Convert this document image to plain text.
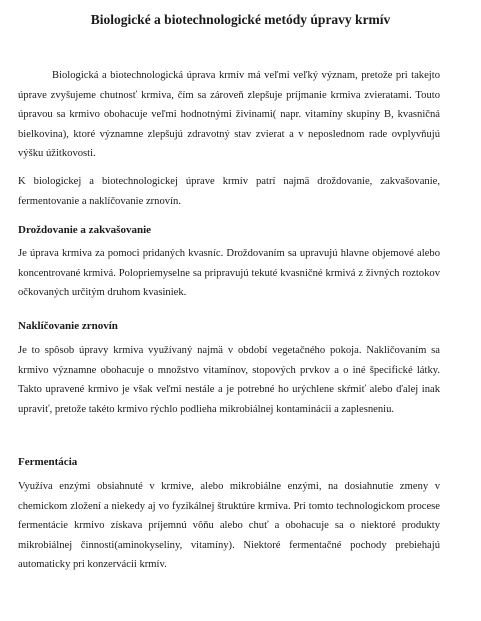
Biologické a biotechnologické metódy úpravy krmív
Biologická a biotechnologická úprava krmív má veľmi veľký význam, pretože pri takejto úprave zvyšujeme chutnosť krmiva, čím sa zároveň zlepšuje príjmanie krmiva zvieratami. Touto úpravou sa krmivo obohacuje veľmi hodnotnými živinami( napr. vitamíny skupiny B, kvasničná bielkovina), ktoré významne zlepšujú zdravotný stav zvierat a v neposlednom rade ovplyvňujú výšku úžitkovosti.
K biologickej a biotechnologickej úprave krmív patrí najmä droždovanie, zakvašovanie, fermentovanie a naklíčovanie zrnovín.
Droždovanie a zakvašovanie
Je úprava krmiva za pomoci pridaných kvasníc. Droždovaním sa upravujú hlavne objemové alebo koncentrované krmivá. Polopriemyselne sa pripravujú tekuté kvasničné krmivá z živných roztokov očkovaných určitým druhom kvasiniek.
Naklíčovanie zrnovín
Je to spôsob úpravy krmiva využívaný najmä v období vegetačného pokoja. Naklíčovaním sa krmivo významne obohacuje o množstvo vitamínov, stopových prvkov a o iné špecifické látky. Takto upravené krmivo je však veľmi nestále a je potrebné ho urýchlene skŕmiť alebo ďalej inak upraviť, pretože takéto krmivo rýchlo podlieha mikrobiálnej kontaminácii a zaplesneniu.
Fermentácia
Využíva enzými obsiahnuté v krmive, alebo mikrobiálne enzými, na dosiahnutie zmeny v chemickom zložení a niekedy aj vo fyzikálnej štruktúre krmiva. Pri tomto technologickom procese fermentácie krmivo získava príjemnú vôňu alebo chuť a obohacuje sa o niektoré produkty mikrobiálnej činnosti(aminokyseliny, vitamíny). Niektoré fermentačné pochody prebiehajú automaticky pri konzervácii krmív.
